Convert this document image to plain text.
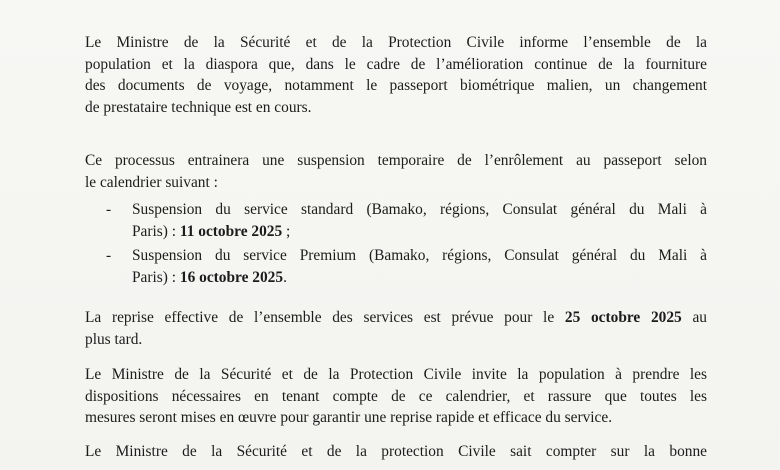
Le Ministre de la Sécurité et de la Protection Civile informe l’ensemble de la
population et la diaspora que, dans le cadre de l’amélioration continue de la fourniture
des documents de voyage, notamment le passeport biométrique malien, un changement
de prestataire technique est en cours.
Ce processus entrainera une suspension temporaire de l’enrôlement au passeport selon
le calendrier suivant :
-	Suspension du service standard (Bamako, régions, Consulat général du Mali à
Paris) : 11 octobre 2025 ;
-	Suspension du service Premium (Bamako, régions, Consulat général du Mali à
Paris) : 16 octobre 2025.
La reprise effective de l’ensemble des services est prévue pour le 25 octobre 2025 au
plus tard.
Le Ministre de la Sécurité et de la Protection Civile invite la population à prendre les
dispositions nécessaires en tenant compte de ce calendrier, et rassure que toutes les
mesures seront mises en œuvre pour garantir une reprise rapide et efficace du service.
Le Ministre de la Sécurité et de la protection Civile sait compter sur la bonne
